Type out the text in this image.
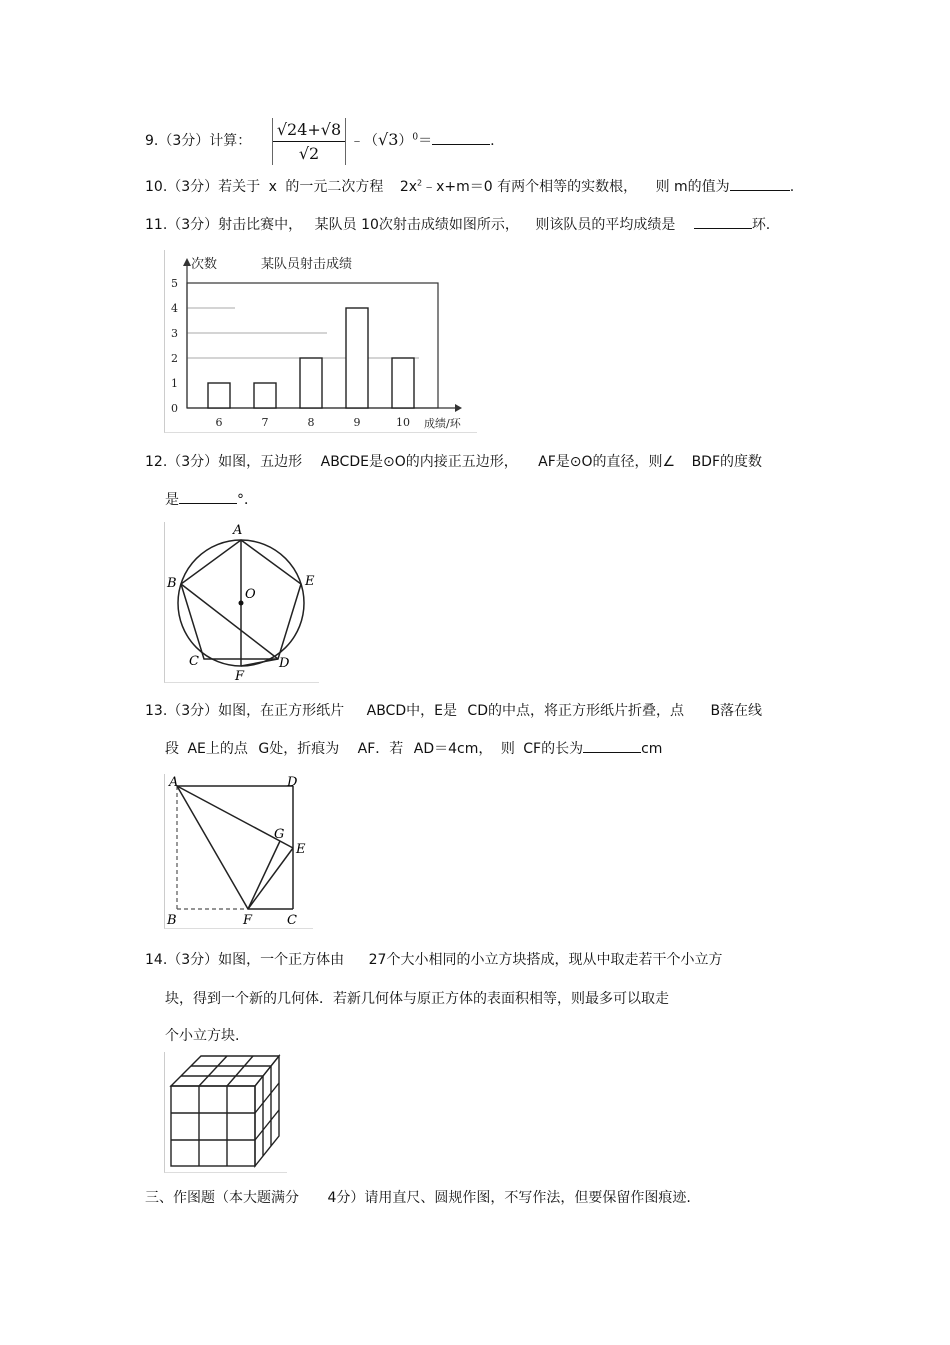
9.（3分）计算： $\frac{√24+√8}{√2}$ $﹣(√3)^0=$	.
10.（3分）若关于 x 的一元二次方程 $2x^2﹣x+m=0$ 有两个相等的实数根， 则 m的值为	.
11.（3分）射击比赛中， 某队员 10次射击成绩如图所示， 则该队员的平均成绩是	环.
0
1
2
3
4
5
6	7	8	9	10
次数	某队员射击成绩
成绩/环
12.（3分）如图，五边形 ABCDE是⊙O的内接正五边形， AF是⊙O的直径，则∠ BDF的度数
是	°．
A
B
C	D
E
F
O
13.（3分）如图，在正方形纸片 ABCD中，E是 CD的中点，将正方形纸片折叠，点 B落在线
段 AE上的点 G处，折痕为 AF．若 AD＝4cm， 则 CF的长为	cm
A	D
G
E
B	F	C
14.（3分）如图，一个正方体由 27个大小相同的小立方块搭成，现从中取走若干个小立方
块，得到一个新的几何体．若新几何体与原正方体的表面积相等，则最多可以取走
个小立方块.
三、作图题（本大题满分 4分）请用直尺、圆规作图，不写作法，但要保留作图痕迹.
